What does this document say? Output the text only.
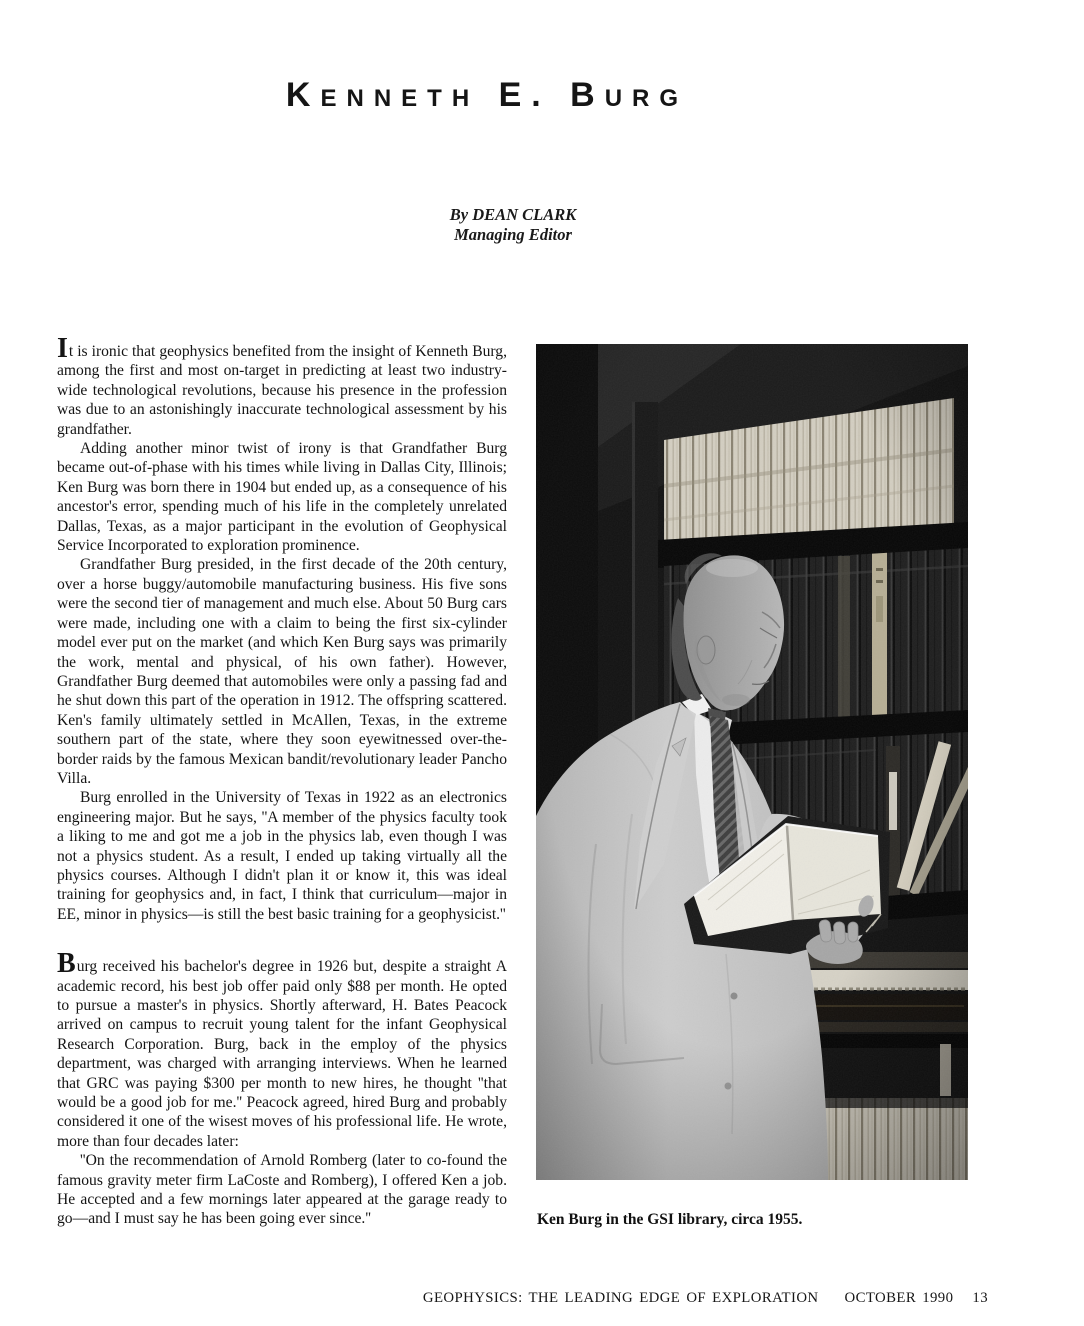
Kenneth E. Burg
By DEAN CLARK
Managing Editor

It is ironic that geophysics benefited from the insight of Kenneth Burg, among the first and most on-target in predicting at least two industry-wide technological revolutions, because his presence in the profession was due to an astonishingly inaccurate technological assessment by his grandfather.

Adding another minor twist of irony is that Grandfather Burg became out-of-phase with his times while living in Dallas City, Illinois; Ken Burg was born there in 1904 but ended up, as a consequence of his ancestor's error, spending much of his life in the completely unrelated Dallas, Texas, as a major participant in the evolution of Geophysical Service Incorporated to exploration prominence.

Grandfather Burg presided, in the first decade of the 20th century, over a horse buggy/automobile manufacturing business. His five sons were the second tier of management and much else. About 50 Burg cars were made, including one with a claim to being the first six-cylinder model ever put on the market (and which Ken Burg says was primarily the work, mental and physical, of his own father). However, Grandfather Burg deemed that automobiles were only a passing fad and he shut down this part of the operation in 1912. The offspring scattered. Ken's family ultimately settled in McAllen, Texas, in the extreme southern part of the state, where they soon eyewitnessed over-the-border raids by the famous Mexican bandit/revolutionary leader Pancho Villa.

Burg enrolled in the University of Texas in 1922 as an electronics engineering major. But he says, ''A member of the physics faculty took a liking to me and got me a job in the physics lab, even though I was not a physics student. As a result, I ended up taking virtually all the physics courses. Although I didn't plan it or know it, this was ideal training for geophysics and, in fact, I think that curriculum—major in EE, minor in physics—is still the best basic training for a geophysicist.''

Burg received his bachelor's degree in 1926 but, despite a straight A academic record, his best job offer paid only $88 per month. He opted to pursue a master's in physics. Shortly afterward, H. Bates Peacock arrived on campus to recruit young talent for the infant Geophysical Research Corporation. Burg, back in the employ of the physics department, was charged with arranging interviews. When he learned that GRC was paying $300 per month to new hires, he thought ''that would be a good job for me.'' Peacock agreed, hired Burg and probably considered it one of the wisest moves of his professional life. He wrote, more than four decades later:

''On the recommendation of Arnold Romberg (later to co-found the famous gravity meter firm LaCoste and Romberg), I offered Ken a job. He accepted and a few mornings later appeared at the garage ready to go—and I must say he has been going ever since.''	Ken Burg in the GSI library, circa 1955.
GEOPHYSICS: THE LEADING EDGE OF EXPLORATION OCTOBER 1990 13
